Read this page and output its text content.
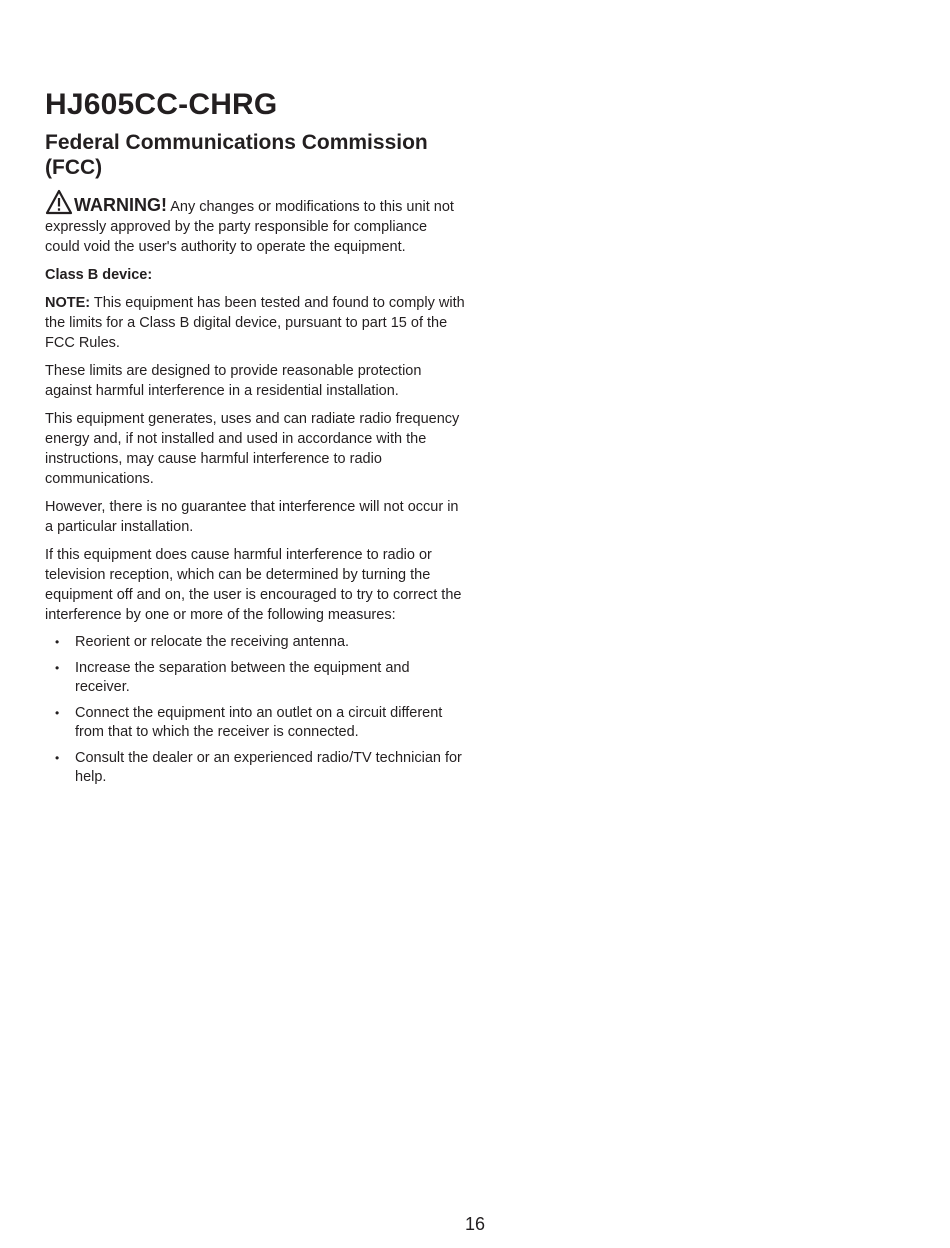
HJ605CC-CHRG
Federal Communications Commission (FCC)

WARNING! Any changes or modifications to this unit not expressly approved by the party responsible for compliance could void the user's authority to operate the equipment.

Class B device:

NOTE: This equipment has been tested and found to comply with the limits for a Class B digital device, pursuant to part 15 of the FCC Rules.

These limits are designed to provide reasonable protection against harmful interference in a residential installation.

This equipment generates, uses and can radiate radio frequency energy and, if not installed and used in accordance with the instructions, may cause harmful interference to radio communications.

However, there is no guarantee that interference will not occur in a particular installation.

If this equipment does cause harmful interference to radio or television reception, which can be determined by turning the equipment off and on, the user is encouraged to try to correct the interference by one or more of the following measures:

• Reorient or relocate the receiving antenna.
• Increase the separation between the equipment and receiver.
• Connect the equipment into an outlet on a circuit different from that to which the receiver is connected.
• Consult the dealer or an experienced radio/TV technician for help.
16
